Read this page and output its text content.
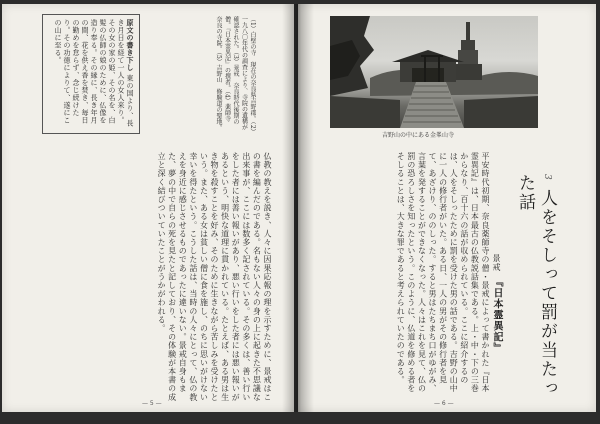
原文の書き下し 東の国より、長き月日を経て一人の女人来り。その女の家の姫、その名を、白髪の仏師の娘のために、仏像を造り奉る。その縁に、長き年月の間、花を供え香を焚き、毎日の勤めを怠らず、念じ続けたり。その功徳によりて、遂にこの山に至る。	（1）白壁の寺　現在の奈良県吉野郡。（2）一九八〇年代の調査により、寺院の遺構が確認された。（3）景戒　奈良時代後期の僧。『日本霊異記』の撰者。（4）薬師寺　奈良の寺院。（5）吉野山　修験道の聖地。
仏教の教えを説き、人々に因果応報の理を示すために、景戒はこの書を編んだのである。名もない人々の身の上に起きた不思議な出来事が、ここには数多く記されている。その多くは、善い行いをした者には善い報いがあり、悪い行いをした者には悪い報いがあるという、明快な道理に貫かれている。たとえば、ある男は生き物を殺すことを好み、そのために生きながら苦しみを受けたという。また、ある女は貧しい僧に食を施し、のちに思いがけない幸いを得たという。こうした話は、当時の人々にとって、仏の教えを身近に感じさせるものであったに違いない。景戒自身もまた、夢の中で自らの死を見たと記しており、その体験が本書の成立と深く結びついていたことがうかがわれる。
— 5 —
吉野山の中にある金峯山寺
3 人をそしって罰が当たった話
景戒 『日本霊異記』
平安時代初期、奈良薬師寺の僧・景戒によって書かれた『日本霊異記』は、日本最古の仏教説話集である。上・中・下の三巻からなり、百十六の話が収められている。ここに紹介するのは、人をそしったために罰を受けた男の話である。吉野の山中に一人の修行者がいた。ある日、一人の男がその修行者を見て、あざけり、ののしった。すると男はたちまち口がゆがみ、言葉を発することができなくなった。人々はこれを見て、仏の罰の恐ろしさを知ったという。このように、仏道を修める者をそしることは、大きな罪であると考えられていたのである。
— 6 —
